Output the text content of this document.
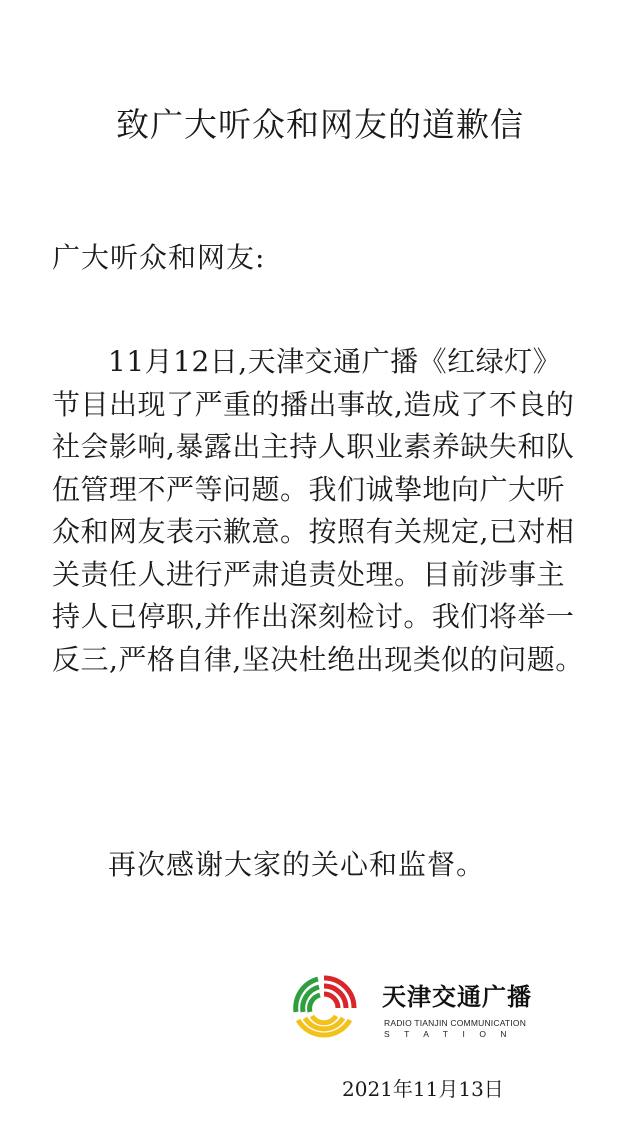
致广大听众和网友的道歉信
广大听众和网友:
11月12日,天津交通广播《红绿灯》节目出现了严重的播出事故,造成了不良的社会影响,暴露出主持人职业素养缺失和队伍管理不严等问题。我们诚挚地向广大听众和网友表示歉意。按照有关规定,已对相关责任人进行严肃追责处理。目前涉事主持人已停职,并作出深刻检讨。我们将举一反三,严格自律,坚决杜绝出现类似的问题。
再次感谢大家的关心和监督。
天津交通广播
RADIO TIANJIN COMMUNICATION
STATION
2021年11月13日
